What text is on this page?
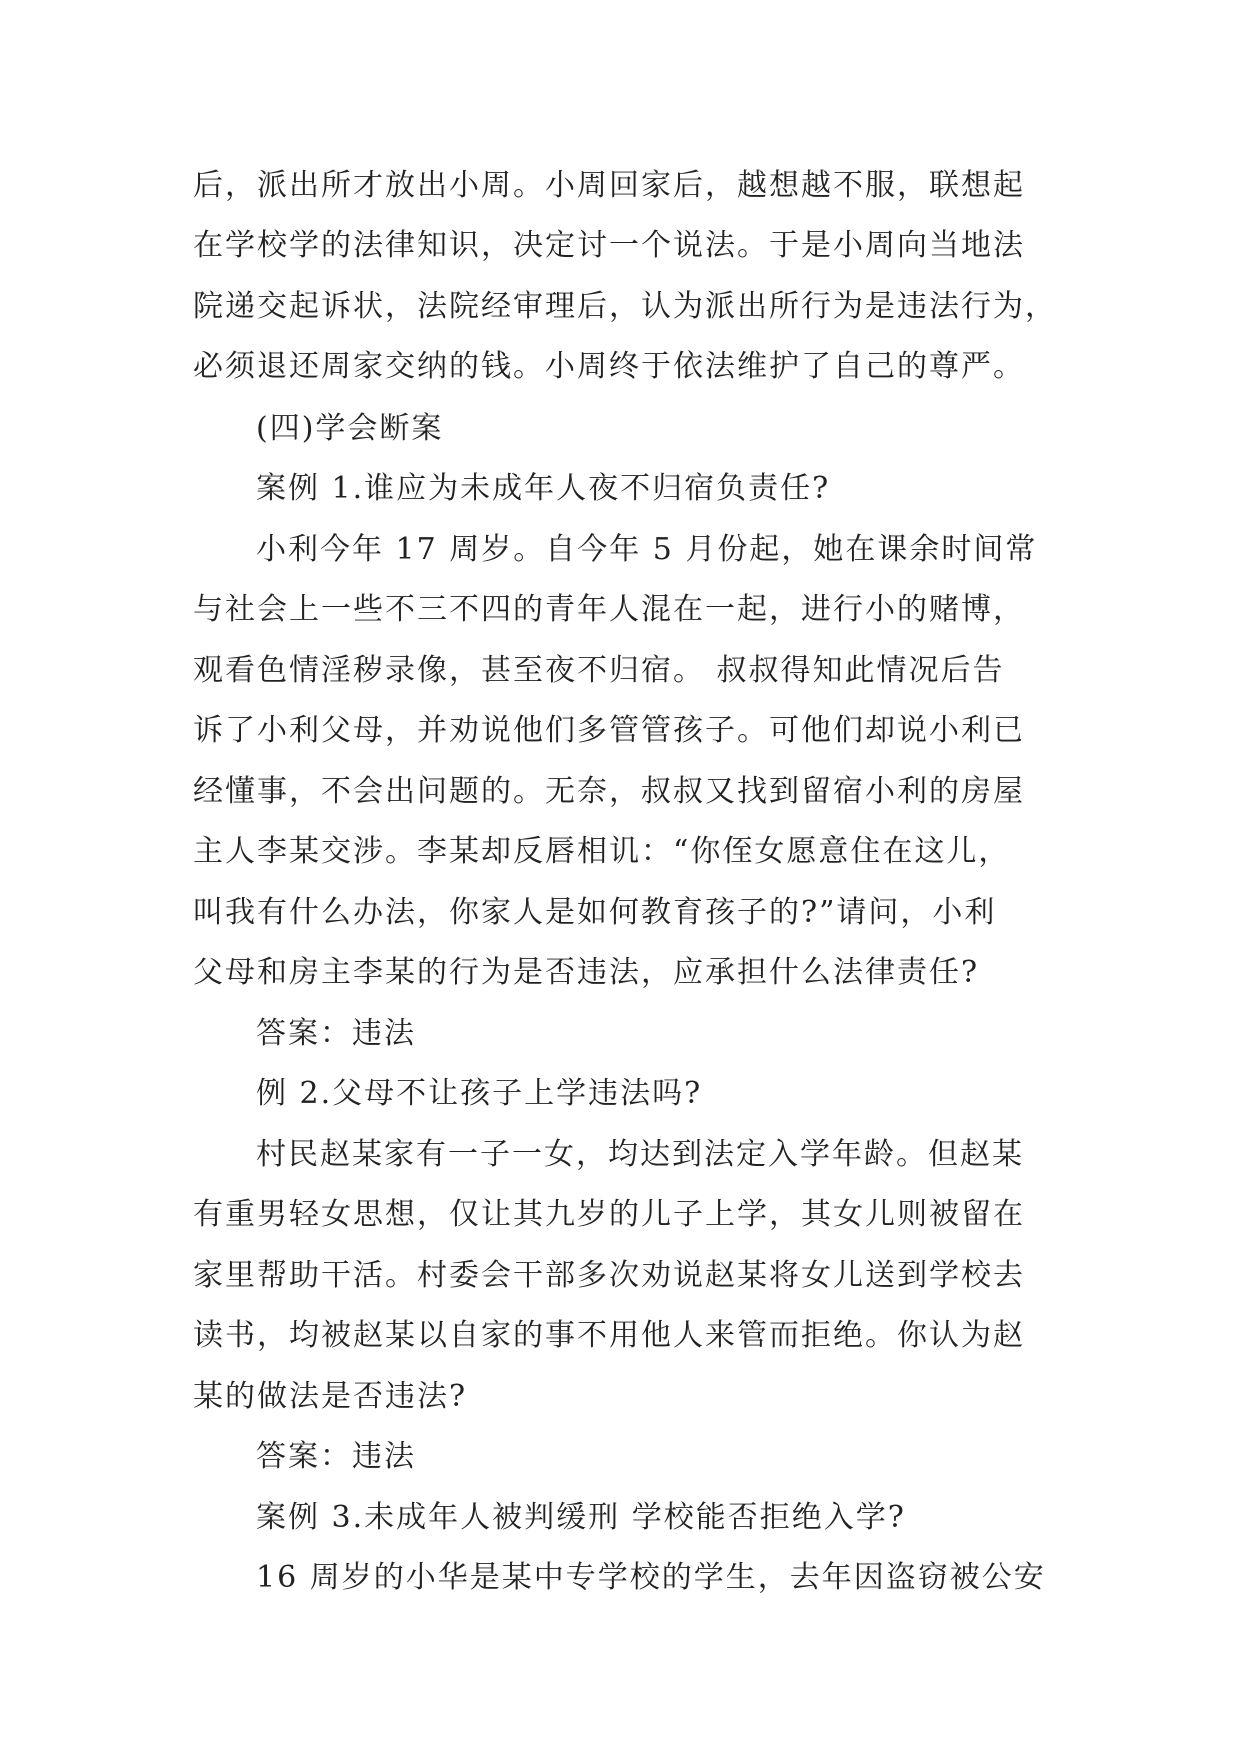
后，派出所才放出小周。小周回家后，越想越不服，联想起
在学校学的法律知识，决定讨一个说法。于是小周向当地法
院递交起诉状，法院经审理后，认为派出所行为是违法行为，
必须退还周家交纳的钱。小周终于依法维护了自己的尊严。
(四)学会断案
案例 1.谁应为未成年人夜不归宿负责任?
小利今年 17 周岁。自今年 5 月份起，她在课余时间常
与社会上一些不三不四的青年人混在一起，进行小的赌博，
观看色情淫秽录像，甚至夜不归宿。 叔叔得知此情况后告
诉了小利父母，并劝说他们多管管孩子。可他们却说小利已
经懂事，不会出问题的。无奈，叔叔又找到留宿小利的房屋
主人李某交涉。李某却反唇相讥：“你侄女愿意住在这儿，
叫我有什么办法，你家人是如何教育孩子的?”请问，小利
父母和房主李某的行为是否违法，应承担什么法律责任?
答案：违法
例 2.父母不让孩子上学违法吗?
村民赵某家有一子一女，均达到法定入学年龄。但赵某
有重男轻女思想，仅让其九岁的儿子上学，其女儿则被留在
家里帮助干活。村委会干部多次劝说赵某将女儿送到学校去
读书，均被赵某以自家的事不用他人来管而拒绝。你认为赵
某的做法是否违法?
答案：违法
案例 3.未成年人被判缓刑 学校能否拒绝入学?
16 周岁的小华是某中专学校的学生，去年因盗窃被公安
